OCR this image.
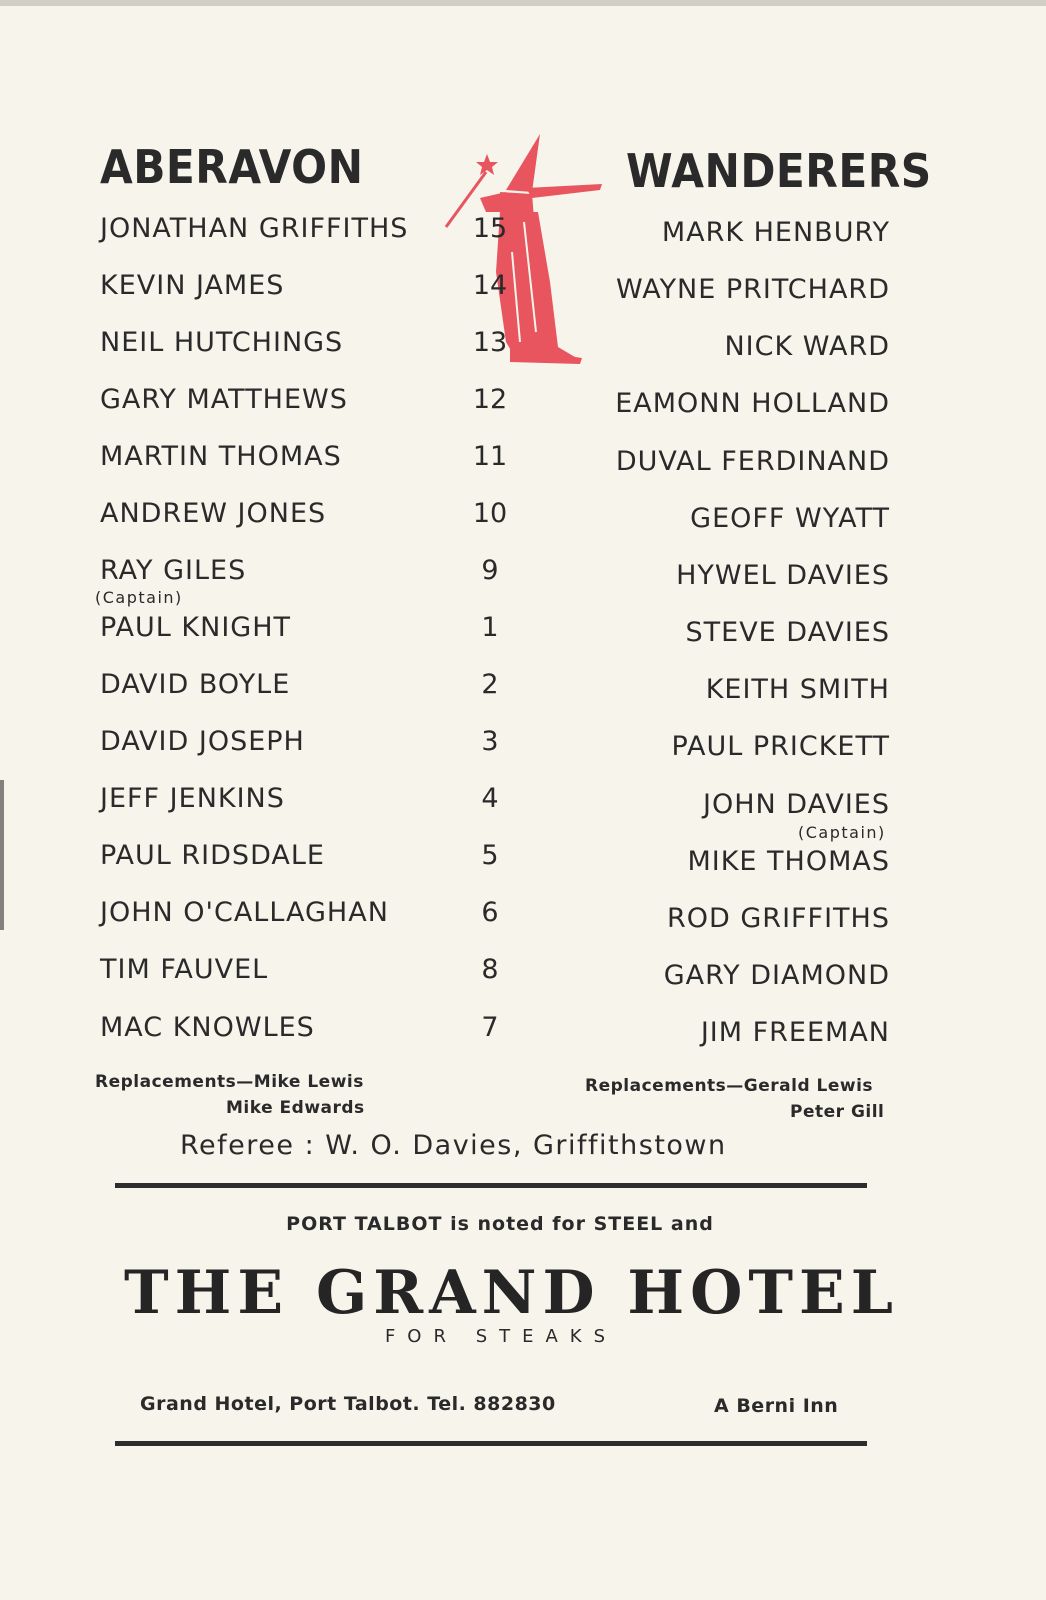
ABERAVON	WANDERERS
JONATHAN GRIFFITHS	15	MARK HENBURY
KEVIN JAMES	14	WAYNE PRITCHARD
NEIL HUTCHINGS	13	NICK WARD
GARY MATTHEWS	12	EAMONN HOLLAND
MARTIN THOMAS	11	DUVAL FERDINAND
ANDREW JONES	10	GEOFF WYATT
RAY GILES	9	HYWEL DAVIES
PAUL KNIGHT	1	STEVE DAVIES
DAVID BOYLE	2	KEITH SMITH
DAVID JOSEPH	3	PAUL PRICKETT
JEFF JENKINS	4	JOHN DAVIES
PAUL RIDSDALE	5	MIKE THOMAS
JOHN O'CALLAGHAN	6	ROD GRIFFITHS
TIM FAUVEL	8	GARY DIAMOND
MAC KNOWLES	7	JIM FREEMAN
(Captain)
(Captain)
Replacements—Mike Lewis
Mike Edwards
Replacements—Gerald Lewis
Peter Gill
Referee : W. O. Davies, Griffithstown
PORT TALBOT is noted for STEEL and
THE GRAND HOTEL
FOR STEAKS
Grand Hotel, Port Talbot. Tel. 882830	A Berni Inn
